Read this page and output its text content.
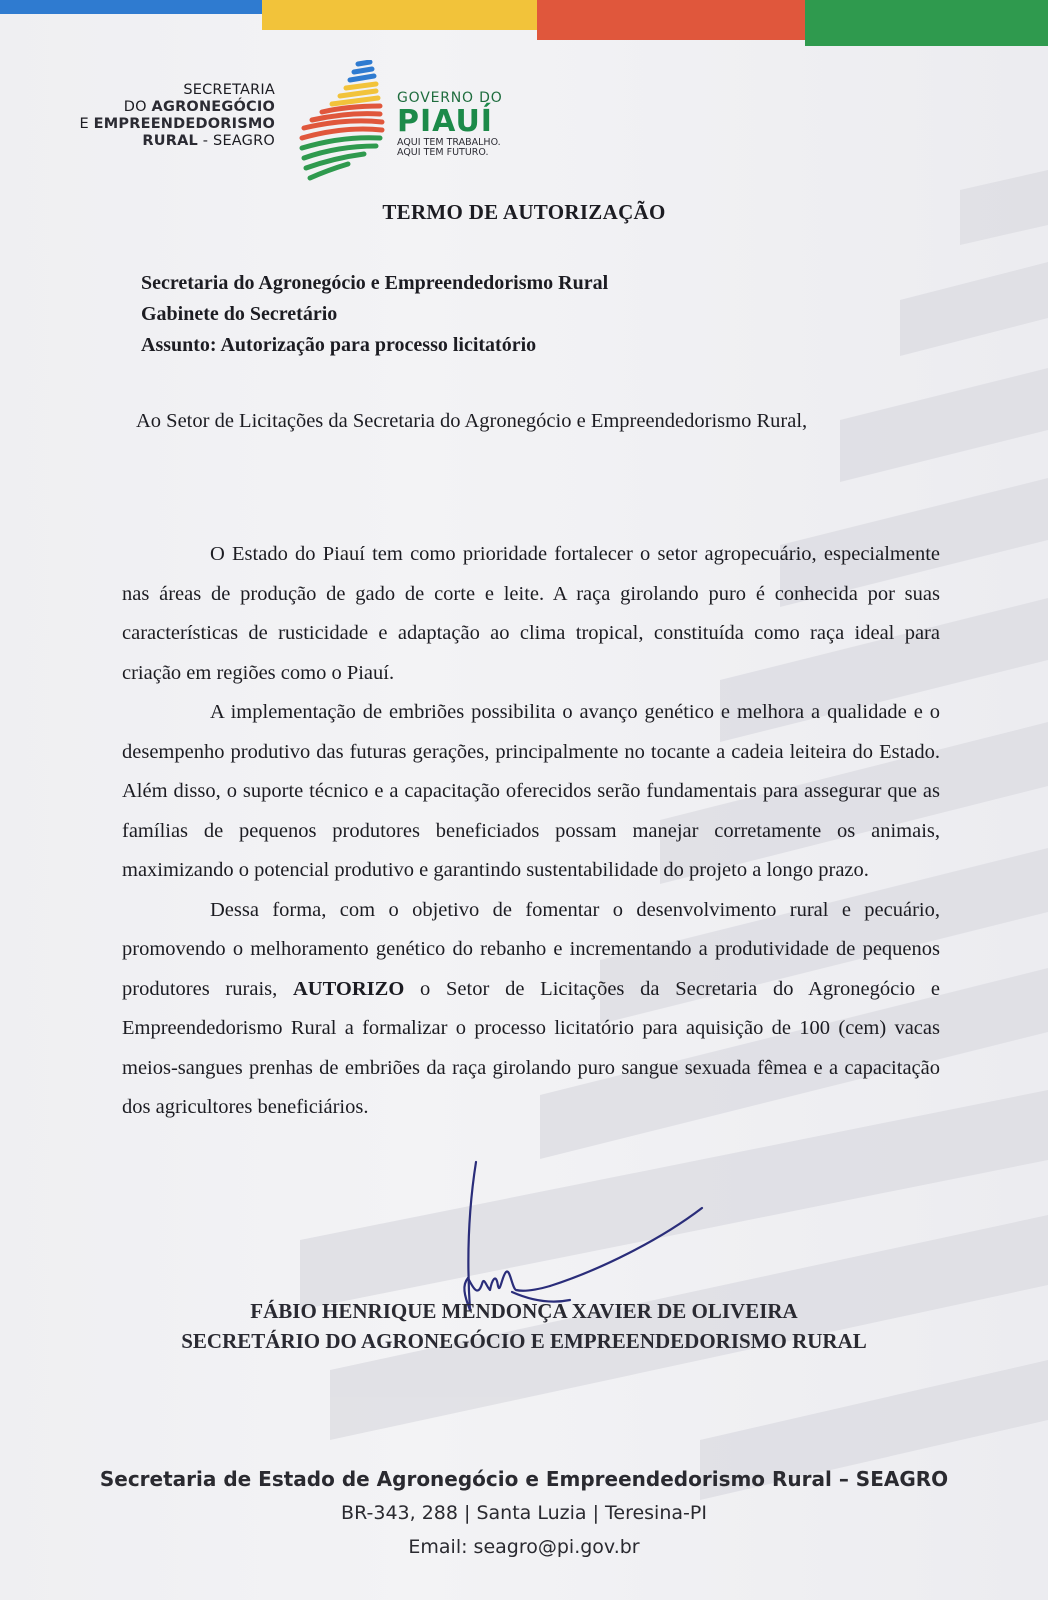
SECRETARIA
DO AGRONEGÓCIO
E EMPREENDEDORISMO
RURAL - SEAGRO
GOVERNO DO
PIAUÍ
AQUI TEM TRABALHO.
AQUI TEM FUTURO.
TERMO DE AUTORIZAÇÃO
Secretaria do Agronegócio e Empreendedorismo Rural
Gabinete do Secretário
Assunto: Autorização para processo licitatório
Ao Setor de Licitações da Secretaria do Agronegócio e Empreendedorismo Rural,

O Estado do Piauí tem como prioridade fortalecer o setor agropecuário, especialmente nas áreas de produção de gado de corte e leite. A raça girolando puro é conhecida por suas características de rusticidade e adaptação ao clima tropical, constituída como raça ideal para criação em regiões como o Piauí.

A implementação de embriões possibilita o avanço genético e melhora a qualidade e o desempenho produtivo das futuras gerações, principalmente no tocante a cadeia leiteira do Estado. Além disso, o suporte técnico e a capacitação oferecidos serão fundamentais para assegurar que as famílias de pequenos produtores beneficiados possam manejar corretamente os animais, maximizando o potencial produtivo e garantindo sustentabilidade do projeto a longo prazo.

Dessa forma, com o objetivo de fomentar o desenvolvimento rural e pecuário, promovendo o melhoramento genético do rebanho e incrementando a produtividade de pequenos produtores rurais, AUTORIZO o Setor de Licitações da Secretaria do Agronegócio e Empreendedorismo Rural a formalizar o processo licitatório para aquisição de 100 (cem) vacas meios-sangues prenhas de embriões da raça girolando puro sangue sexuada fêmea e a capacitação dos agricultores beneficiários.

FÁBIO HENRIQUE MENDONÇA XAVIER DE OLIVEIRA
SECRETÁRIO DO AGRONEGÓCIO E EMPREENDEDORISMO RURAL
Secretaria de Estado de Agronegócio e Empreendedorismo Rural – SEAGRO
BR-343, 288 | Santa Luzia | Teresina-PI
Email: seagro@pi.gov.br
